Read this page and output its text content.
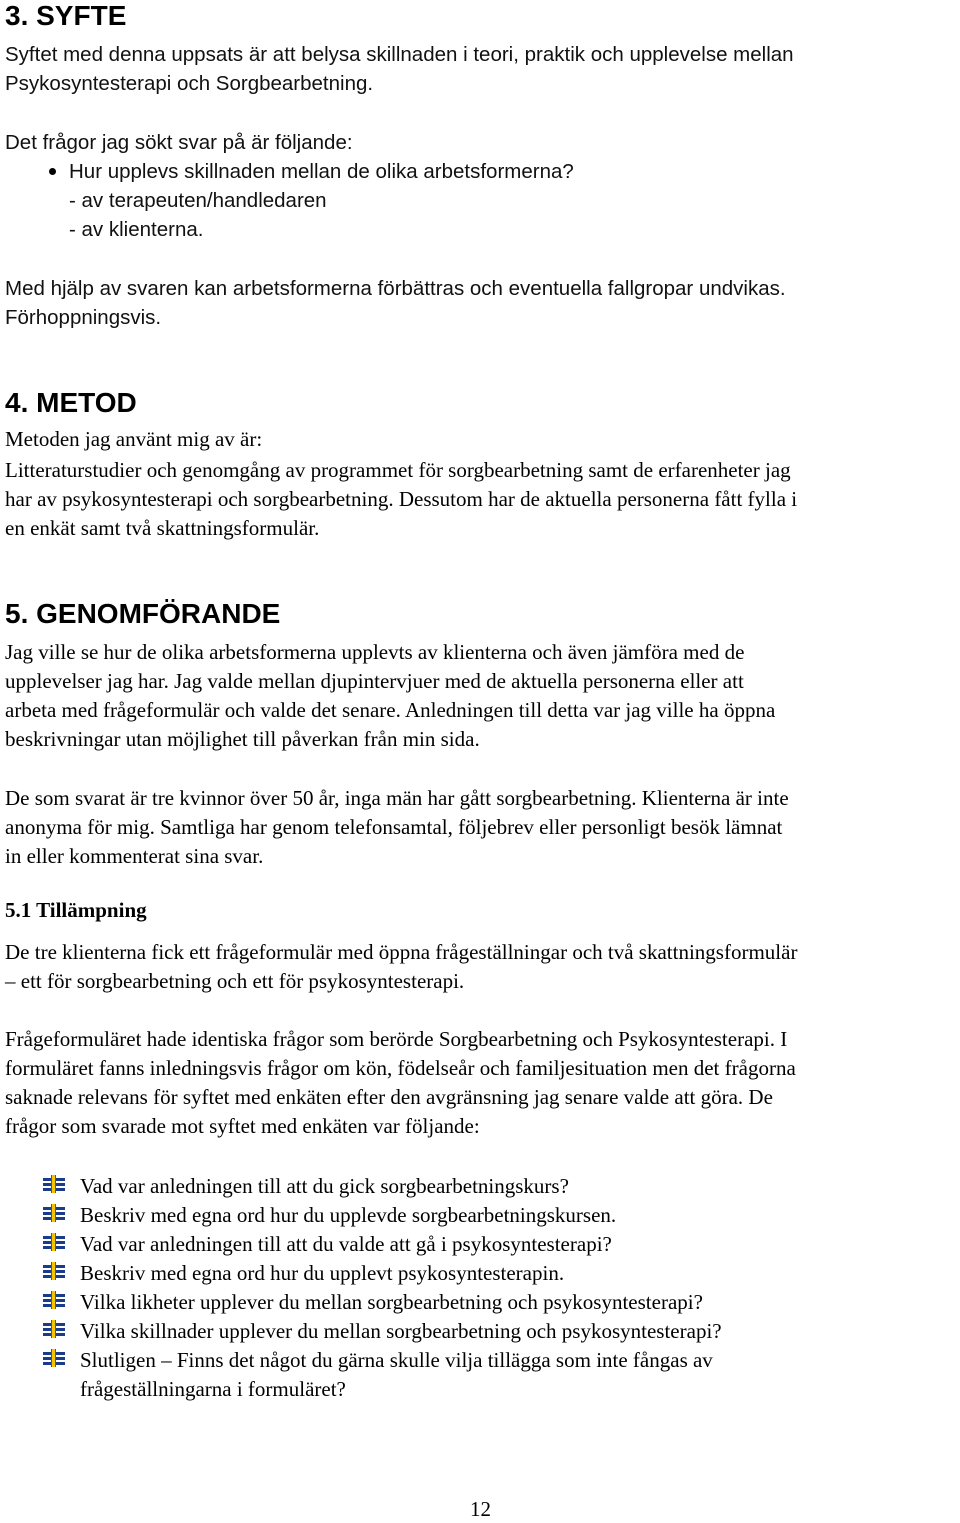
3. SYFTE
Syftet med denna uppsats är att belysa skillnaden i teori, praktik och upplevelse mellan
Psykosyntesterapi och Sorgbearbetning.
Det frågor jag sökt svar på är följande:
Hur upplevs skillnaden mellan de olika arbetsformerna?
- av terapeuten/handledaren
- av klienterna.
Med hjälp av svaren kan arbetsformerna förbättras och eventuella fallgropar undvikas.
Förhoppningsvis.
4. METOD
Metoden jag använt mig av är:
Litteraturstudier och genomgång av programmet för sorgbearbetning samt de erfarenheter jag
har av psykosyntesterapi och sorgbearbetning. Dessutom har de aktuella personerna fått fylla i
en enkät samt två skattningsformulär.
5. GENOMFÖRANDE
Jag ville se hur de olika arbetsformerna upplevts av klienterna och även jämföra med de
upplevelser jag har. Jag valde mellan djupintervjuer med de aktuella personerna eller att
arbeta med frågeformulär och valde det senare. Anledningen till detta var jag ville ha öppna
beskrivningar utan möjlighet till påverkan från min sida.
De som svarat är tre kvinnor över 50 år, inga män har gått sorgbearbetning. Klienterna är inte
anonyma för mig. Samtliga har genom telefonsamtal, följebrev eller personligt besök lämnat
in eller kommenterat sina svar.
5.1 Tillämpning
De tre klienterna fick ett frågeformulär med öppna frågeställningar och två skattningsformulär
– ett för sorgbearbetning och ett för psykosyntesterapi.
Frågeformuläret hade identiska frågor som berörde Sorgbearbetning och Psykosyntesterapi. I
formuläret fanns inledningsvis frågor om kön, födelseår och familjesituation men det frågorna
saknade relevans för syftet med enkäten efter den avgränsning jag senare valde att göra. De
frågor som svarade mot syftet med enkäten var följande:
Vad var anledningen till att du gick sorgbearbetningskurs?
Beskriv med egna ord hur du upplevde sorgbearbetningskursen.
Vad var anledningen till att du valde att gå i psykosyntesterapi?
Beskriv med egna ord hur du upplevt psykosyntesterapin.
Vilka likheter upplever du mellan sorgbearbetning och psykosyntesterapi?
Vilka skillnader upplever du mellan sorgbearbetning och psykosyntesterapi?
Slutligen – Finns det något du gärna skulle vilja tillägga som inte fångas av
frågeställningarna i formuläret?
12
